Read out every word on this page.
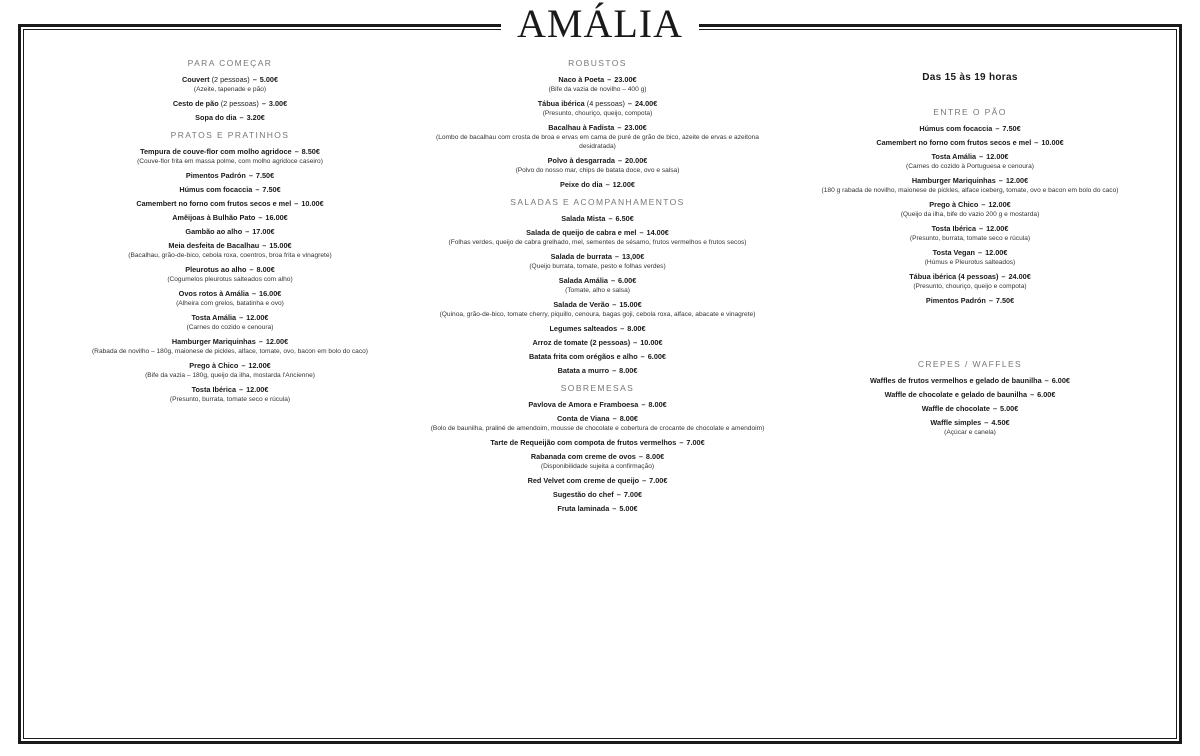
AMÁLIA
PARA COMEÇAR
Couvert (2 pessoas) – 5.00€
(Azeite, tapenade e pão)
Cesto de pão (2 pessoas) – 3.00€
Sopa do dia – 3.20€
PRATOS E PRATINHOS
Tempura de couve-flor com molho agridoce – 8.50€
(Couve-flor frita em massa polme, com molho agridoce caseiro)
Pimentos Padrón – 7.50€
Húmus com focaccia – 7.50€
Camembert no forno com frutos secos e mel – 10.00€
Amêijoas à Bulhão Pato – 16.00€
Gambão ao alho – 17.00€
Meia desfeita de Bacalhau – 15.00€
(Bacalhau, grão-de-bico, cebola roxa, coentros, broa frita e vinagrete)
Pleurotus ao alho – 8.00€
(Cogumelos pleurotus salteados com alho)
Ovos rotos à Amália – 16.00€
(Alheira com grelos, batatinha e ovo)
Tosta Amália – 12.00€
(Carnes do cozido e cenoura)
Hamburger Mariquinhas – 12.00€
(Rabada de novilho – 180g, maionese de pickles, alface, tomate, ovo, bacon em bolo do caco)
Prego à Chico – 12.00€
(Bife da vazia – 180g, queijo da ilha, mostarda l'Ancienne)
Tosta Ibérica – 12.00€
(Presunto, burrata, tomate seco e rúcula)
ROBUSTOS
Naco à Poeta – 23.00€
(Bife da vazia de novilho – 400 g)
Tábua ibérica (4 pessoas) – 24.00€
(Presunto, chouriço, queijo, compota)
Bacalhau à Fadista – 23.00€
(Lombo de bacalhau com crosta de broa e ervas em cama de puré de grão de bico, azeite de ervas e azeitona desidratada)
Polvo à desgarrada – 20.00€
(Polvo do nosso mar, chips de batata doce, ovo e salsa)
Peixe do dia – 12.00€
SALADAS E ACOMPANHAMENTOS
Salada Mista – 6.50€
Salada de queijo de cabra e mel – 14.00€
(Folhas verdes, queijo de cabra grelhado, mel, sementes de sésamo, frutos vermelhos e frutos secos)
Salada de burrata – 13,00€
(Queijo burrata, tomate, pesto e folhas verdes)
Salada Amália – 6.00€
(Tomate, alho e salsa)
Salada de Verão – 15.00€
(Quinoa, grão-de-bico, tomate cherry, piquillo, cenoura, bagas goji, cebola roxa, alface, abacate e vinagrete)
Legumes salteados – 8.00€
Arroz de tomate (2 pessoas) – 10.00€
Batata frita com orégãos e alho – 6.00€
Batata a murro – 8.00€
SOBREMESAS
Pavlova de Amora e Framboesa – 8.00€
Conta de Viana – 8.00€
(Bolo de baunilha, praliné de amendoim, mousse de chocolate e cobertura de crocante de chocolate e amendoim)
Tarte de Requeijão com compota de frutos vermelhos – 7.00€
Rabanada com creme de ovos – 8.00€
(Disponibilidade sujeita a confirmação)
Red Velvet com creme de queijo – 7.00€
Sugestão do chef – 7.00€
Fruta laminada – 5.00€
Das 15 às 19 horas
ENTRE O PÃO
Húmus com focaccia – 7.50€
Camembert no forno com frutos secos e mel – 10.00€
Tosta Amália – 12.00€
(Carnes do cozido à Portuguesa e cenoura)
Hamburger Mariquinhas – 12.00€
(180 g rabada de novilho, maionese de pickles, alface iceberg, tomate, ovo e bacon em bolo do caco)
Prego à Chico – 12.00€
(Queijo da ilha, bife do vazio 200 g e mostarda)
Tosta Ibérica – 12.00€
(Presunto, burrata, tomate seco e rúcula)
Tosta Vegan – 12.00€
(Húmus e Pleurotus salteados)
Tábua ibérica (4 pessoas) – 24.00€
(Presunto, chouriço, queijo e compota)
Pimentos Padrón – 7.50€
CREPES / WAFFLES
Waffles de frutos vermelhos e gelado de baunilha – 6.00€
Waffle de chocolate e gelado de baunilha – 6.00€
Waffle de chocolate – 5.00€
Waffle simples – 4.50€
(Açúcar e canela)
